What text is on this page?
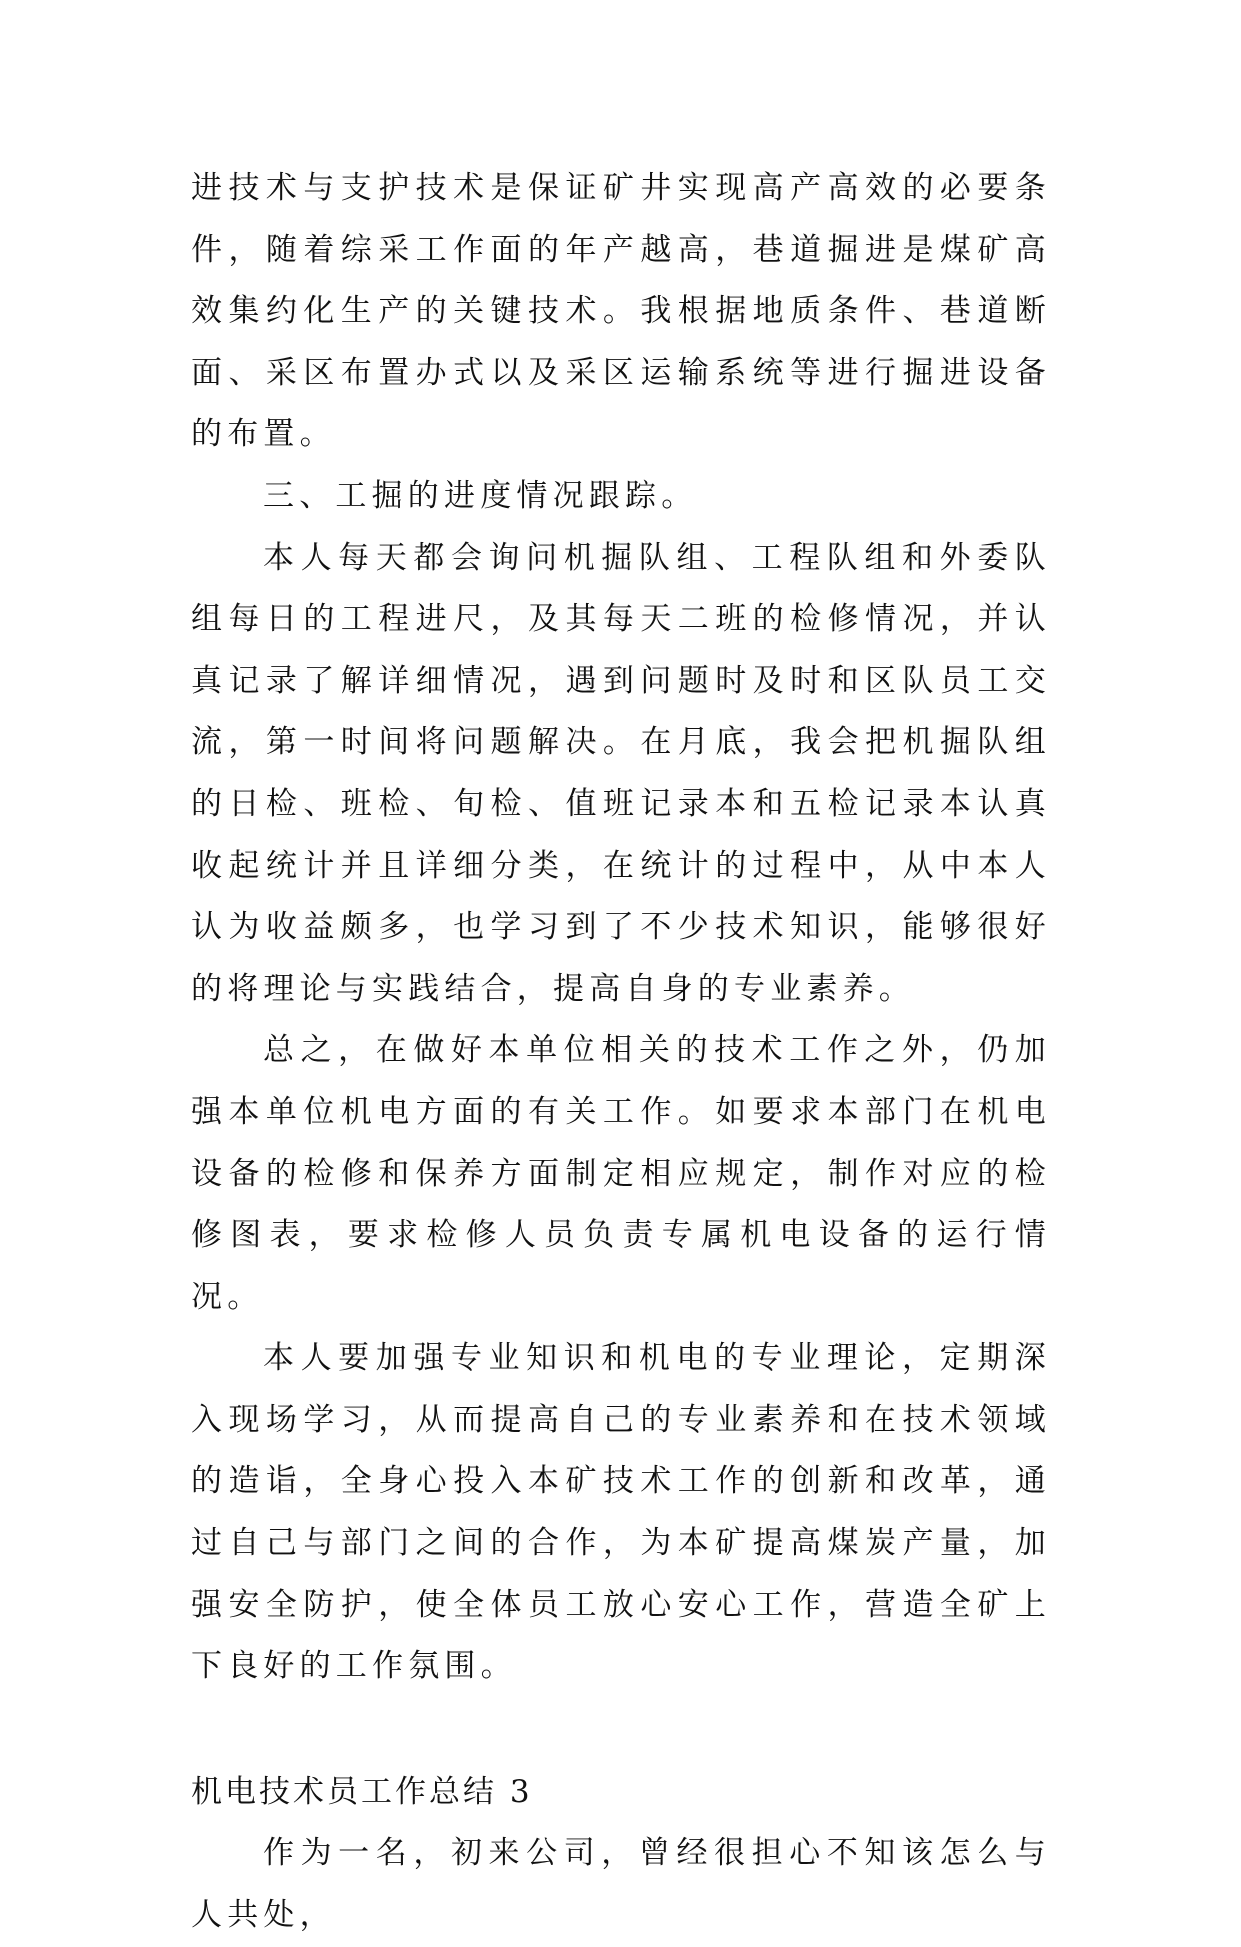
进技术与支护技术是保证矿井实现高产高效的必要条件，随着综采工作面的年产越高，巷道掘进是煤矿高效集约化生产的关键技术。我根据地质条件、巷道断面、采区布置办式以及采区运输系统等进行掘进设备的布置。

三、工掘的进度情况跟踪。

本人每天都会询问机掘队组、工程队组和外委队组每日的工程进尺，及其每天二班的检修情况，并认真记录了解详细情况，遇到问题时及时和区队员工交流，第一时间将问题解决。在月底，我会把机掘队组的日检、班检、旬检、值班记录本和五检记录本认真收起统计并且详细分类，在统计的过程中，从中本人认为收益颇多，也学习到了不少技术知识，能够很好的将理论与实践结合，提高自身的专业素养。

总之，在做好本单位相关的技术工作之外，仍加强本单位机电方面的有关工作。如要求本部门在机电设备的检修和保养方面制定相应规定，制作对应的检修图表，要求检修人员负责专属机电设备的运行情况。

本人要加强专业知识和机电的专业理论，定期深入现场学习，从而提高自己的专业素养和在技术领域的造诣，全身心投入本矿技术工作的创新和改革，通过自己与部门之间的合作，为本矿提高煤炭产量，加强安全防护，使全体员工放心安心工作，营造全矿上下良好的工作氛围。

机电技术员工作总结 3

作为一名，初来公司，曾经很担心不知该怎么与人共处，
